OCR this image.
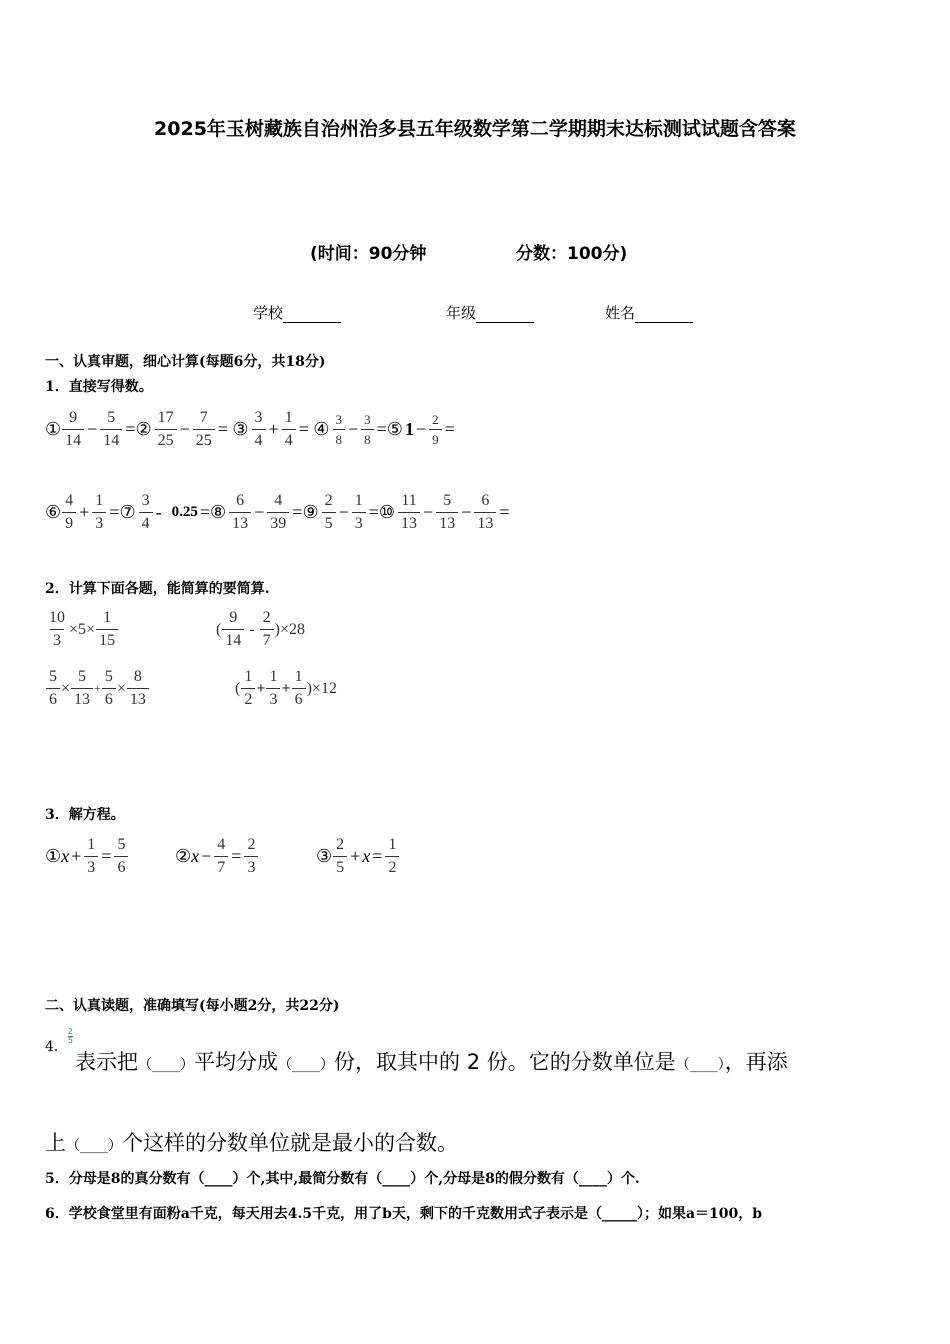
2025年玉树藏族自治州治多县五年级数学第二学期期末达标测试试题含答案
(时间：90分钟	分数：100分)
学校	年级	姓名
一、认真审题，细心计算(每题6分，共18分)
1．直接写得数。
① $\frac{9}{14} - \frac{5}{14}$ =② $\frac{17}{25} - \frac{7}{25}$ = ③ $\frac{3}{4} + \frac{1}{4}$ = ④ $\frac{3}{8} - \frac{3}{8}$ =⑤ $1 - \frac{2}{9}$ =
⑥ $\frac{4}{9} + \frac{1}{3}$ =⑦ $\frac{3}{4} - 0.25$ =⑧ $\frac{6}{13} - \frac{4}{39}$ =⑨ $\frac{2}{5} - \frac{1}{3}$ =⑩ $\frac{11}{13} - \frac{5}{13} - \frac{6}{13}$ =
2．计算下面各题，能简算的要简算.
$\frac{10}{3} \times 5 \times \frac{1}{15}$	( $\frac{9}{14} - \frac{2}{7}$ )× 28
$\frac{5}{6} \times \frac{5}{13} + \frac{5}{6} \times \frac{8}{13}$	( $\frac{1}{2} + \frac{1}{3} + \frac{1}{6}$ )× 12
3．解方程。
① $x + \frac{1}{3} = \frac{5}{6}$	② $x - \frac{4}{7} = \frac{2}{3}$	③ $\frac{2}{5} + x = \frac{1}{2}$
二、认真读题，准确填写(每小题2分，共22分)
4．
$\frac{2}{5}$
表示把（____）平均分成（____）份，取其中的 2 份。它的分数单位是（____），再添
上（____）个这样的分数单位就是最小的合数。
5．分母是8的真分数有（____）个,其中,最简分数有（____）个,分母是8的假分数有（____）个.
6．学校食堂里有面粉a千克，每天用去4.5千克，用了b天，剩下的千克数用式子表示是（_____）；如果a＝100，b
